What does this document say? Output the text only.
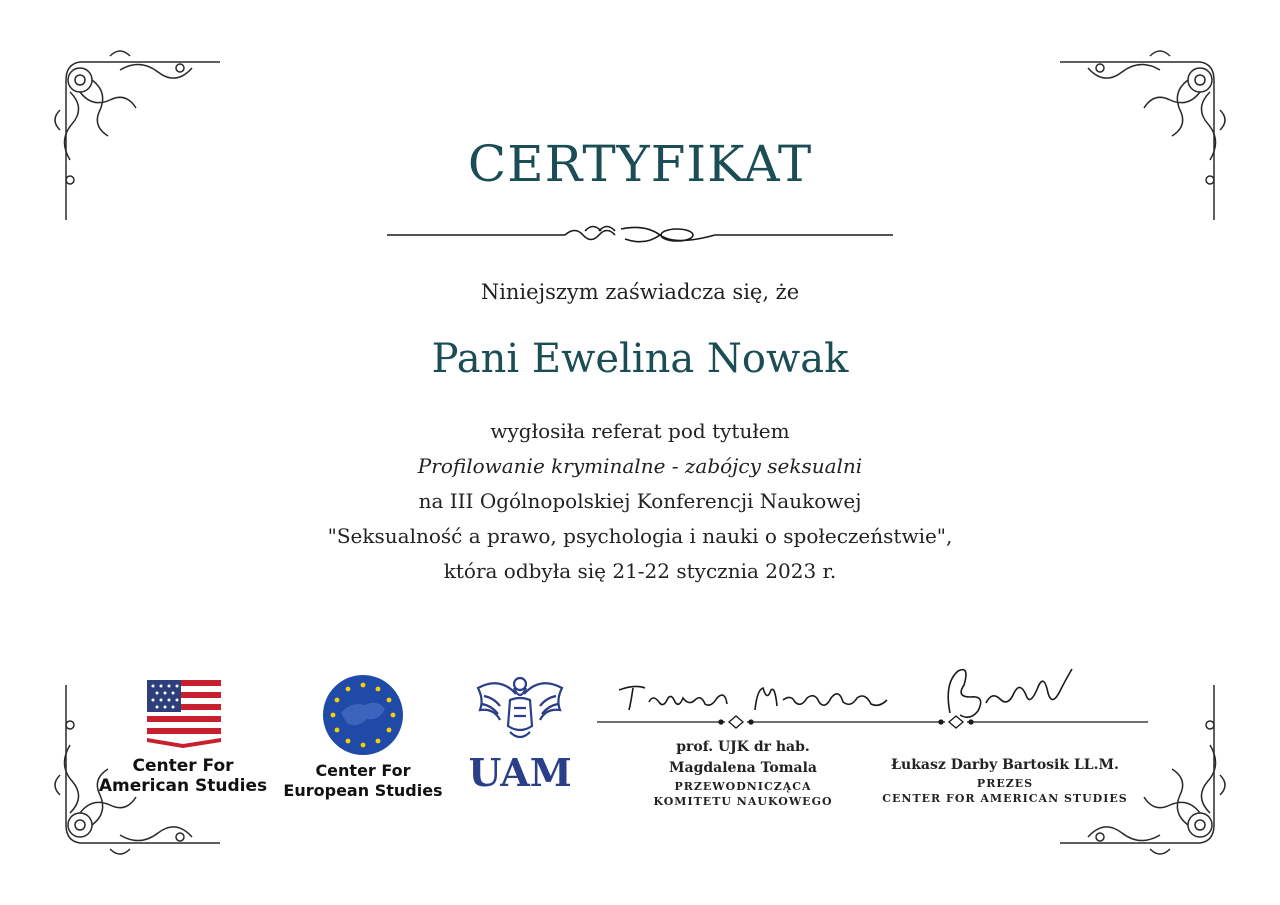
CERTYFIKAT
Niniejszym zaświadcza się, że
Pani Ewelina Nowak
wygłosiła referat pod tytułem
Profilowanie kryminalne - zabójcy seksualni
na III Ogólnopolskiej Konferencji Naukowej
"Seksualność a prawo, psychologia i nauki o społeczeństwie",
która odbyła się 21-22 stycznia 2023 r.
Center For
American Studies
Center For
European Studies UAM
prof. UJK dr hab.
Magdalena Tomala
PRZEWODNICZĄCA
KOMITETU NAUKOWEGO
Łukasz Darby Bartosik LL.M.
PREZES
CENTER FOR AMERICAN STUDIES
